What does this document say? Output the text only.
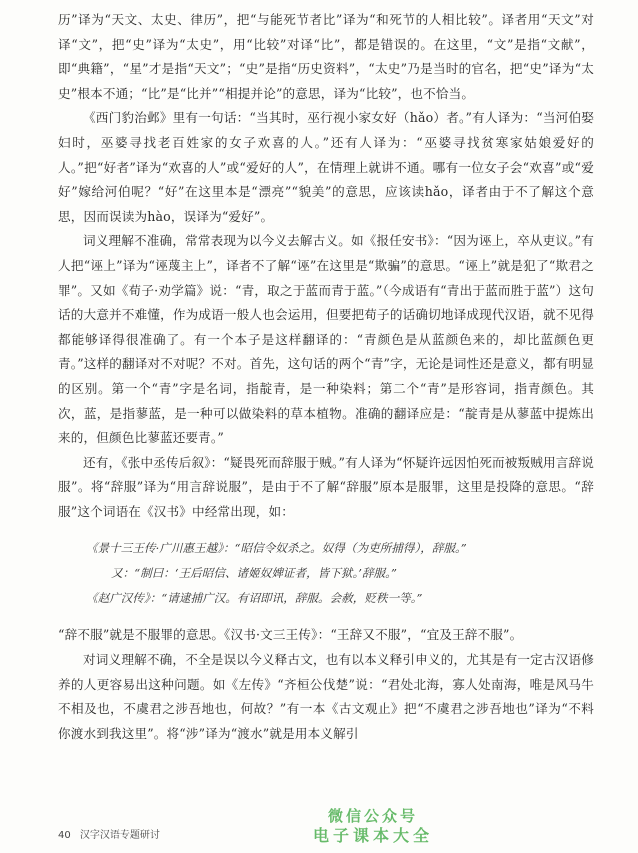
历”译为“天文、太史、律历”，把“与能死节者比”译为“和死节的人相比较”。译者用“天文”对译“文”，把“史”译为“太史”，用“比较”对译“比”，都是错误的。在这里，“文”是指“文献”，即“典籍”，“星”才是指“天文”；“史”是指“历史资料”，“太史”乃是当时的官名，把“史”译为“太史”根本不通；“比”是“比并”“相提并论”的意思，译为“比较”，也不恰当。

《西门豹治邺》里有一句话：“当其时，巫行视小家女好（hǎo）者。”有人译为：“当河伯娶妇时，巫婆寻找老百姓家的女子欢喜的人。”还有人译为：“巫婆寻找贫寒家姑娘爱好的人。”把“好者”译为“欢喜的人”或“爱好的人”，在情理上就讲不通。哪有一位女子会“欢喜”或“爱好”嫁给河伯呢？“好”在这里本是“漂亮”“貌美”的意思，应该读hǎo，译者由于不了解这个意思，因而误读为hào，误译为“爱好”。

词义理解不准确，常常表现为以今义去解古义。如《报任安书》：“因为诬上，卒从吏议。”有人把“诬上”译为“诬蔑主上”，译者不了解“诬”在这里是“欺骗”的意思。“诬上”就是犯了“欺君之罪”。又如《荀子·劝学篇》说：“青，取之于蓝而青于蓝。”（今成语有“青出于蓝而胜于蓝”）这句话的大意并不难懂，作为成语一般人也会运用，但要把荀子的话确切地译成现代汉语，就不见得都能够译得很准确了。有一个本子是这样翻译的：“青颜色是从蓝颜色来的，却比蓝颜色更青。”这样的翻译对不对呢？不对。首先，这句话的两个“青”字，无论是词性还是意义，都有明显的区别。第一个“青”字是名词，指靛青，是一种染料；第二个“青”是形容词，指青颜色。其次，蓝，是指蓼蓝，是一种可以做染料的草本植物。准确的翻译应是：“靛青是从蓼蓝中提炼出来的，但颜色比蓼蓝还要青。”

还有，《张中丞传后叙》：“疑畏死而辞服于贼。”有人译为“怀疑许远因怕死而被叛贼用言辞说服”。将“辞服”译为“用言辞说服”，是由于不了解“辞服”原本是服罪，这里是投降的意思。“辞服”这个词语在《汉书》中经常出现，如：

《景十三王传·广川惠王越》：“昭信令奴杀之。奴得（为吏所捕得），辞服。”

又：“制曰：‘王后昭信、诸姬奴婢证者，皆下狱。’辞服。”

《赵广汉传》：“请逮捕广汉。有诏即讯，辞服。会赦，贬秩一等。”

“辞不服”就是不服罪的意思。《汉书·文三王传》：“王辞又不服”，“宜及王辞不服”。

对词义理解不确，不全是误以今义释古文，也有以本义释引申义的，尤其是有一定古汉语修养的人更容易出这种问题。如《左传》“齐桓公伐楚”说：“君处北海，寡人处南海，唯是风马牛不相及也，不虞君之涉吾地也，何故？”有一本《古文观止》把“不虞君之涉吾地也”译为“不料你渡水到我这里”。将“涉”译为“渡水”就是用本义解引

40 汉字汉语专题研讨
微信公众号
电子课本大全
